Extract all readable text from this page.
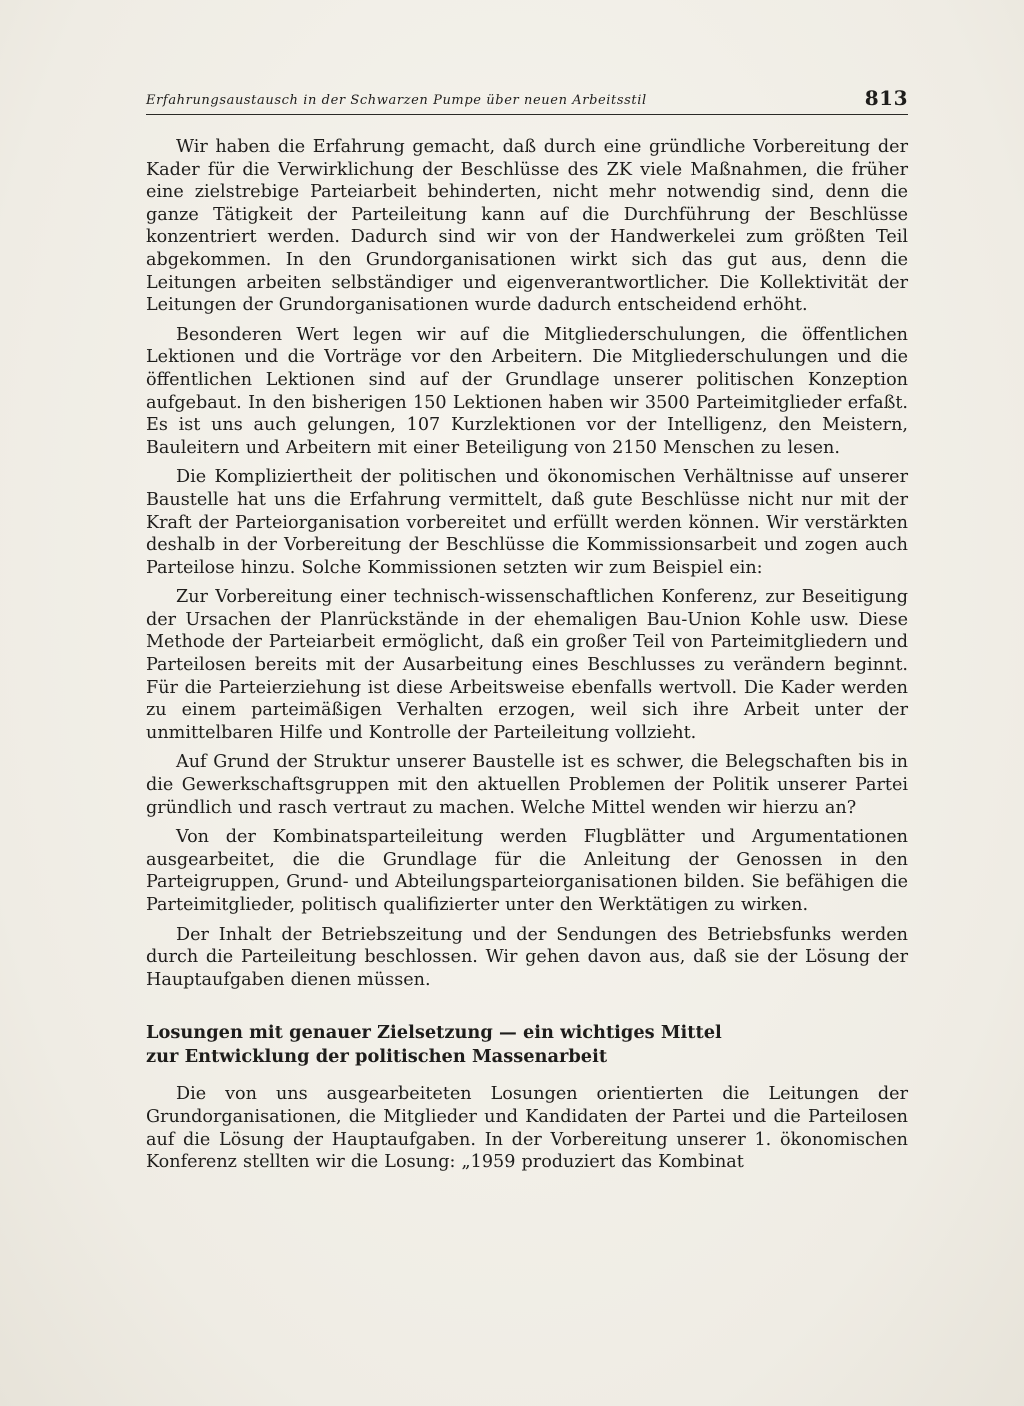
Erfahrungsaustausch in der Schwarzen Pumpe über neuen Arbeitsstil	813

Wir haben die Erfahrung gemacht, daß durch eine gründliche Vorbereitung der Kader für die Verwirklichung der Beschlüsse des ZK viele Maßnahmen, die früher eine zielstrebige Parteiarbeit behinderten, nicht mehr notwendig sind, denn die ganze Tätigkeit der Parteileitung kann auf die Durchführung der Beschlüsse konzentriert werden. Dadurch sind wir von der Handwerkelei zum größten Teil abgekommen. In den Grundorganisationen wirkt sich das gut aus, denn die Leitungen arbeiten selbständiger und eigenverantwortlicher. Die Kollektivität der Leitungen der Grundorganisationen wurde dadurch entscheidend erhöht.

Besonderen Wert legen wir auf die Mitgliederschulungen, die öffentlichen Lektionen und die Vorträge vor den Arbeitern. Die Mitgliederschulungen und die öffentlichen Lektionen sind auf der Grundlage unserer politischen Konzeption aufgebaut. In den bisherigen 150 Lektionen haben wir 3500 Parteimitglieder erfaßt. Es ist uns auch gelungen, 107 Kurzlektionen vor der Intelligenz, den Meistern, Bauleitern und Arbeitern mit einer Beteiligung von 2150 Menschen zu lesen.

Die Kompliziertheit der politischen und ökonomischen Verhältnisse auf unserer Baustelle hat uns die Erfahrung vermittelt, daß gute Beschlüsse nicht nur mit der Kraft der Parteiorganisation vorbereitet und erfüllt werden können. Wir verstärkten deshalb in der Vorbereitung der Beschlüsse die Kommissionsarbeit und zogen auch Parteilose hinzu. Solche Kommissionen setzten wir zum Beispiel ein:

Zur Vorbereitung einer technisch-wissenschaftlichen Konferenz, zur Beseitigung der Ursachen der Planrückstände in der ehemaligen Bau-Union Kohle usw. Diese Methode der Parteiarbeit ermöglicht, daß ein großer Teil von Parteimitgliedern und Parteilosen bereits mit der Ausarbeitung eines Beschlusses zu verändern beginnt. Für die Parteierziehung ist diese Arbeitsweise ebenfalls wertvoll. Die Kader werden zu einem parteimäßigen Verhalten erzogen, weil sich ihre Arbeit unter der unmittelbaren Hilfe und Kontrolle der Parteileitung vollzieht.

Auf Grund der Struktur unserer Baustelle ist es schwer, die Belegschaften bis in die Gewerkschaftsgruppen mit den aktuellen Problemen der Politik unserer Partei gründlich und rasch vertraut zu machen. Welche Mittel wenden wir hierzu an?

Von der Kombinatsparteileitung werden Flugblätter und Argumentationen ausgearbeitet, die die Grundlage für die Anleitung der Genossen in den Parteigruppen, Grund- und Abteilungsparteiorganisationen bilden. Sie befähigen die Parteimitglieder, politisch qualifizierter unter den Werktätigen zu wirken.

Der Inhalt der Betriebszeitung und der Sendungen des Betriebsfunks werden durch die Parteileitung beschlossen. Wir gehen davon aus, daß sie der Lösung der Hauptaufgaben dienen müssen.

Losungen mit genauer Zielsetzung — ein wichtiges Mittel
zur Entwicklung der politischen Massenarbeit

Die von uns ausgearbeiteten Losungen orientierten die Leitungen der Grundorganisationen, die Mitglieder und Kandidaten der Partei und die Parteilosen auf die Lösung der Hauptaufgaben. In der Vorbereitung unserer 1. ökonomischen Konferenz stellten wir die Losung: „1959 produziert das Kombinat
